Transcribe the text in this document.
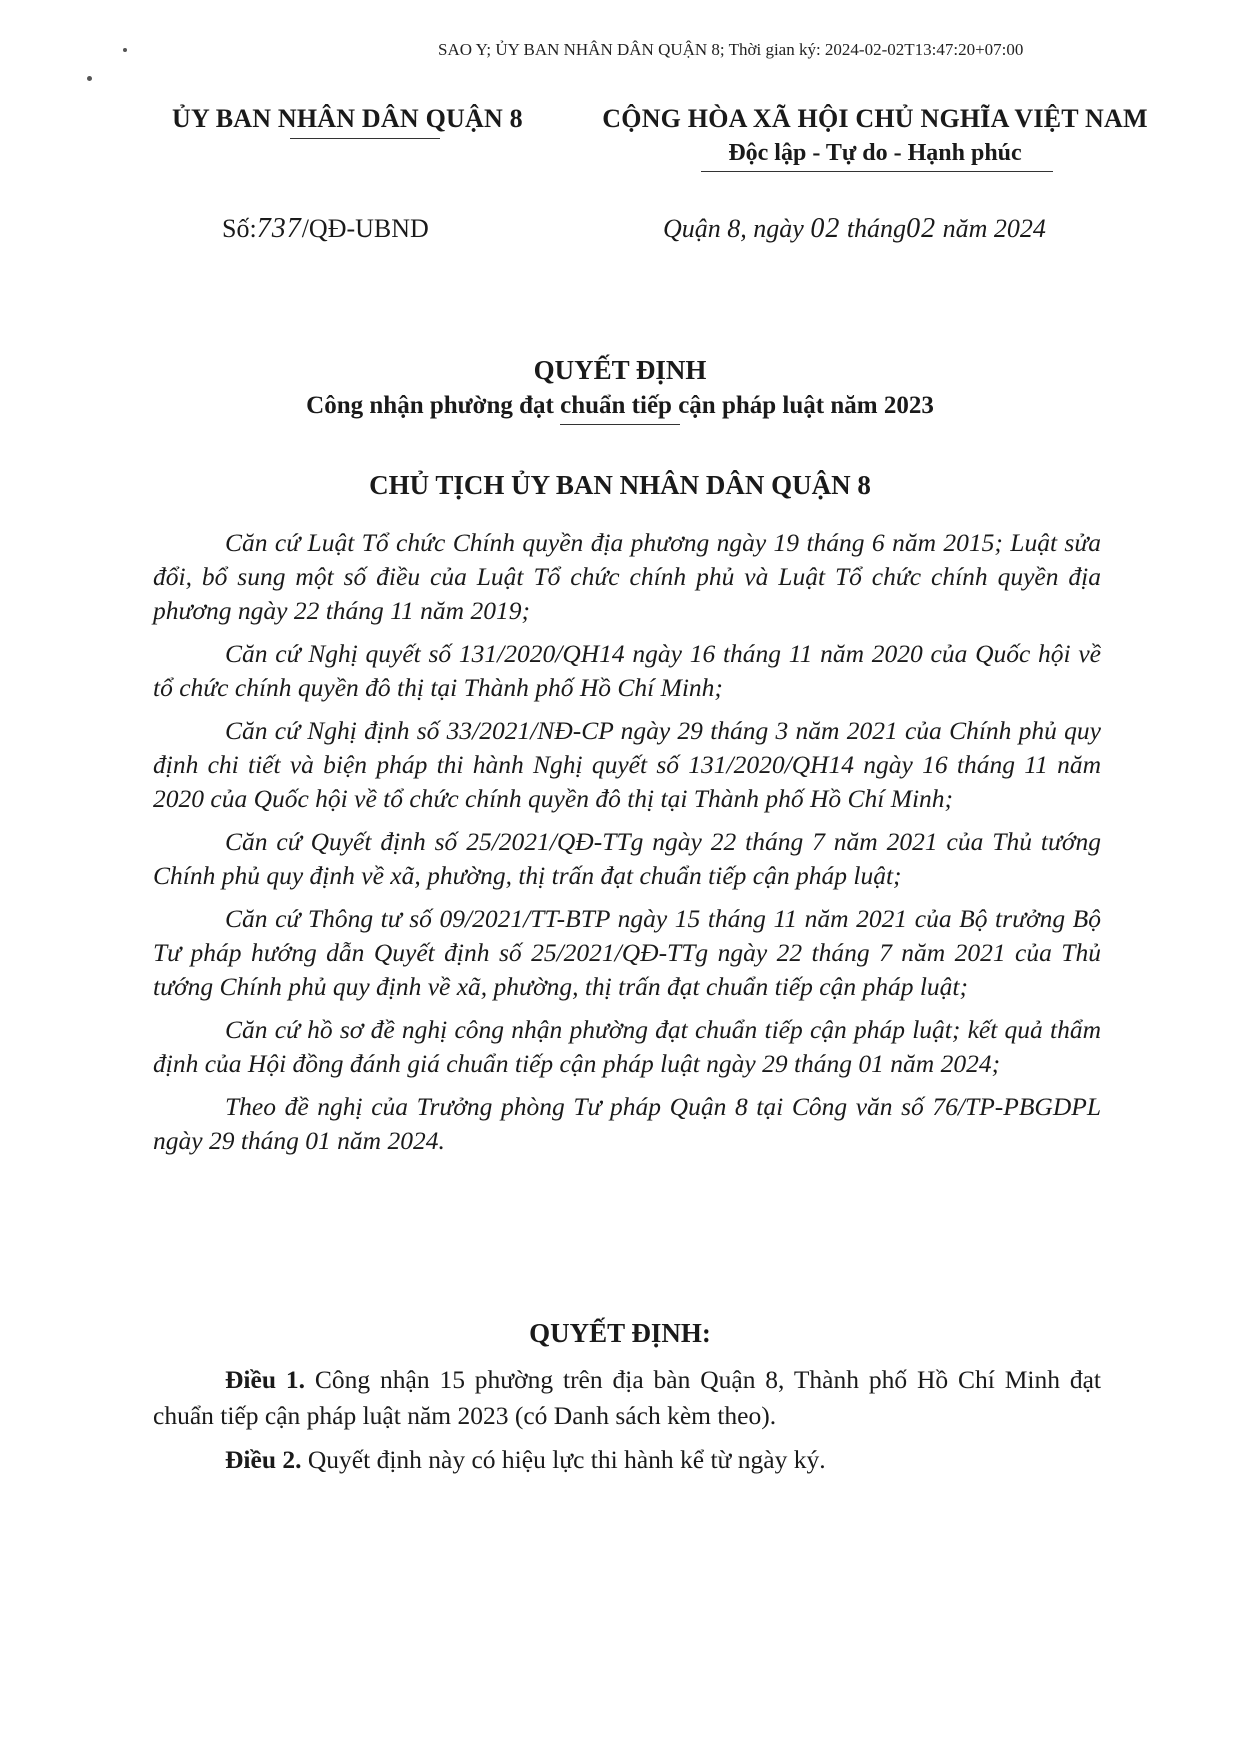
SAO Y; ỦY BAN NHÂN DÂN QUẬN 8; Thời gian ký: 2024-02-02T13:47:20+07:00
ỦY BAN NHÂN DÂN QUẬN 8	CỘNG HÒA XÃ HỘI CHỦ NGHĨA VIỆT NAM
Độc lập - Tự do - Hạnh phúc
Số:737/QĐ-UBND	Quận 8, ngày 02 tháng02 năm 2024
QUYẾT ĐỊNH
Công nhận phường đạt chuẩn tiếp cận pháp luật năm 2023
CHỦ TỊCH ỦY BAN NHÂN DÂN QUẬN 8

Căn cứ Luật Tổ chức Chính quyền địa phương ngày 19 tháng 6 năm 2015; Luật sửa đổi, bổ sung một số điều của Luật Tổ chức chính phủ và Luật Tổ chức chính quyền địa phương ngày 22 tháng 11 năm 2019;

Căn cứ Nghị quyết số 131/2020/QH14 ngày 16 tháng 11 năm 2020 của Quốc hội về tổ chức chính quyền đô thị tại Thành phố Hồ Chí Minh;

Căn cứ Nghị định số 33/2021/NĐ-CP ngày 29 tháng 3 năm 2021 của Chính phủ quy định chi tiết và biện pháp thi hành Nghị quyết số 131/2020/QH14 ngày 16 tháng 11 năm 2020 của Quốc hội về tổ chức chính quyền đô thị tại Thành phố Hồ Chí Minh;

Căn cứ Quyết định số 25/2021/QĐ-TTg ngày 22 tháng 7 năm 2021 của Thủ tướng Chính phủ quy định về xã, phường, thị trấn đạt chuẩn tiếp cận pháp luật;

Căn cứ Thông tư số 09/2021/TT-BTP ngày 15 tháng 11 năm 2021 của Bộ trưởng Bộ Tư pháp hướng dẫn Quyết định số 25/2021/QĐ-TTg ngày 22 tháng 7 năm 2021 của Thủ tướng Chính phủ quy định về xã, phường, thị trấn đạt chuẩn tiếp cận pháp luật;

Căn cứ hồ sơ đề nghị công nhận phường đạt chuẩn tiếp cận pháp luật; kết quả thẩm định của Hội đồng đánh giá chuẩn tiếp cận pháp luật ngày 29 tháng 01 năm 2024;

Theo đề nghị của Trưởng phòng Tư pháp Quận 8 tại Công văn số 76/TP-PBGDPL ngày 29 tháng 01 năm 2024.

QUYẾT ĐỊNH:

Điều 1. Công nhận 15 phường trên địa bàn Quận 8, Thành phố Hồ Chí Minh đạt chuẩn tiếp cận pháp luật năm 2023 (có Danh sách kèm theo).

Điều 2. Quyết định này có hiệu lực thi hành kể từ ngày ký.
